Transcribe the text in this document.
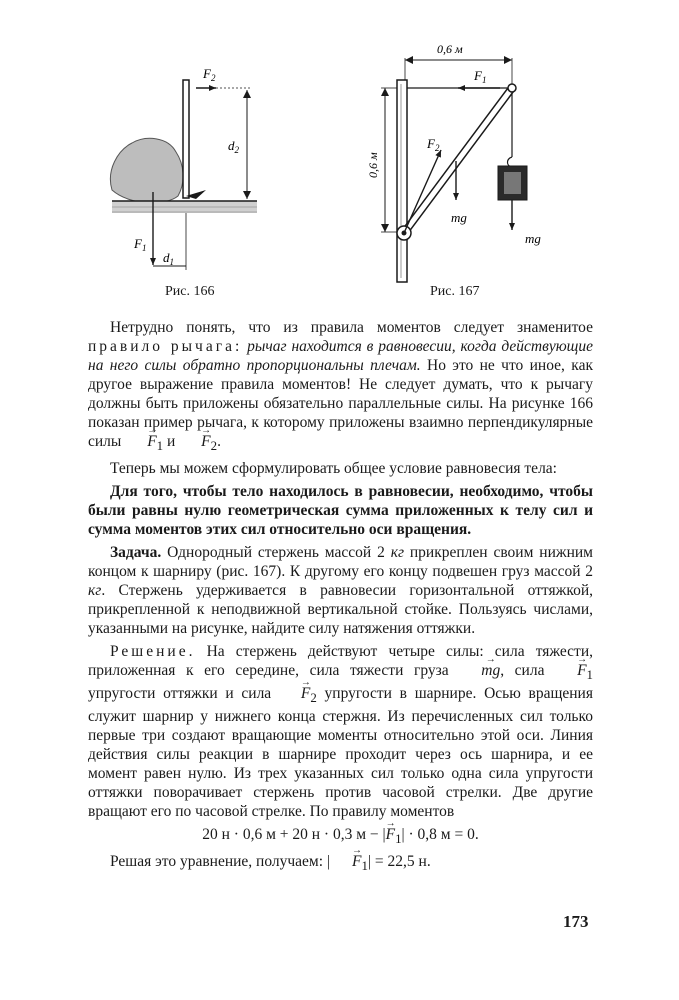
$F_2$
$d_2$
$F_1$
$d_1$
0,6 м
0,6 м
$F_1$
$F_2$
mg
mg
Рис. 166	Рис. 167

Нетрудно понять, что из правила моментов следует знаменитое правило рычага: рычаг находится в равновесии, когда действующие на него силы обратно пропорциональны плечам. Но это не что иное, как другое выражение правила моментов! Не следует думать, что к рычагу должны быть приложены обязательно параллельные силы. На рисунке 166 показан пример рычага, к которому приложены взаимно перпендикулярные силы → $F_1$ $и \to F_2$.

Теперь мы можем сформулировать общее условие равновесия тела:

Для того, чтобы тело находилось в равновесии, необходимо, чтобы были равны нулю геометрическая сумма приложенных к телу сил и сумма моментов этих сил относительно оси вращения.

Задача. Однородный стержень массой 2 кг прикреплен своим нижним концом к шарниру (рис. 167). К другому его концу подвешен груз массой 2 кг. Стержень удерживается в равновесии горизонтальной оттяжкой, прикрепленной к неподвижной вертикальной стойке. Пользуясь числами, указанными на рисунке, найдите силу натяжения оттяжки.

Решение. На стержень действуют четыре силы: сила тяжести, приложенная к его середине, сила тяжести груза → mg, сила → $F_1$ упругости оттяжки и сила → $F_2$ упругости в шарнире. Осью вращения служит шарнир у нижнего конца стержня. Из перечисленных сил только первые три создают вращающие моменты относительно этой оси. Линия действия силы реакции в шарнире проходит через ось шарнира, и ее момент равен нулю. Из трех указанных сил только одна сила упругости оттяжки поворачивает стержень против часовой стрелки. Две другие вращают его по часовой стрелке. По правилу моментов

20 н · 0,6 м + 20 н · 0,3 м − |→ $F_1| \cdot 0,8$ м = 0.

Решая это уравнение, получаем: |→ $F_1| = 22,5$ н.

173
